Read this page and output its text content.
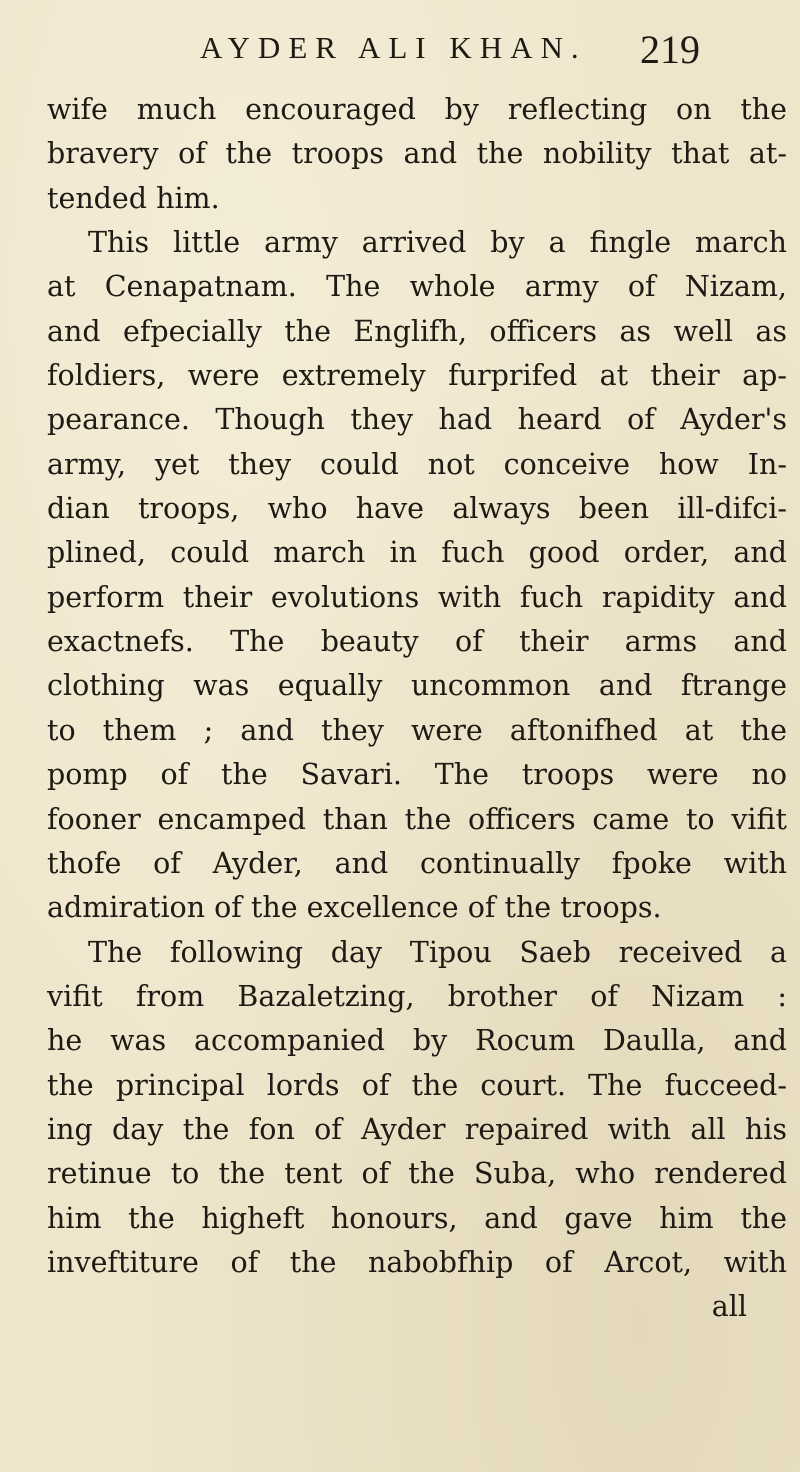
AYDER ALI KHAN. 219
wife much encouraged by reflecting on the
bravery of the troops and the nobility that at-
tended him.
This little army arrived by a fingle march
at Cenapatnam. The whole army of Nizam,
and efpecially the Englifh, officers as well as
foldiers, were extremely furprifed at their ap-
pearance. Though they had heard of Ayder's
army, yet they could not conceive how In-
dian troops, who have always been ill-difci-
plined, could march in fuch good order, and
perform their evolutions with fuch rapidity and
exactnefs. The beauty of their arms and
clothing was equally uncommon and ftrange
to them ; and they were aftonifhed at the
pomp of the Savari. The troops were no
fooner encamped than the officers came to vifit
thofe of Ayder, and continually fpoke with
admiration of the excellence of the troops.
The following day Tipou Saeb received a
vifit from Bazaletzing, brother of Nizam :
he was accompanied by Rocum Daulla, and
the principal lords of the court. The fucceed-
ing day the fon of Ayder repaired with all his
retinue to the tent of the Suba, who rendered
him the higheft honours, and gave him the
inveftiture of the nabobfhip of Arcot, with
all
